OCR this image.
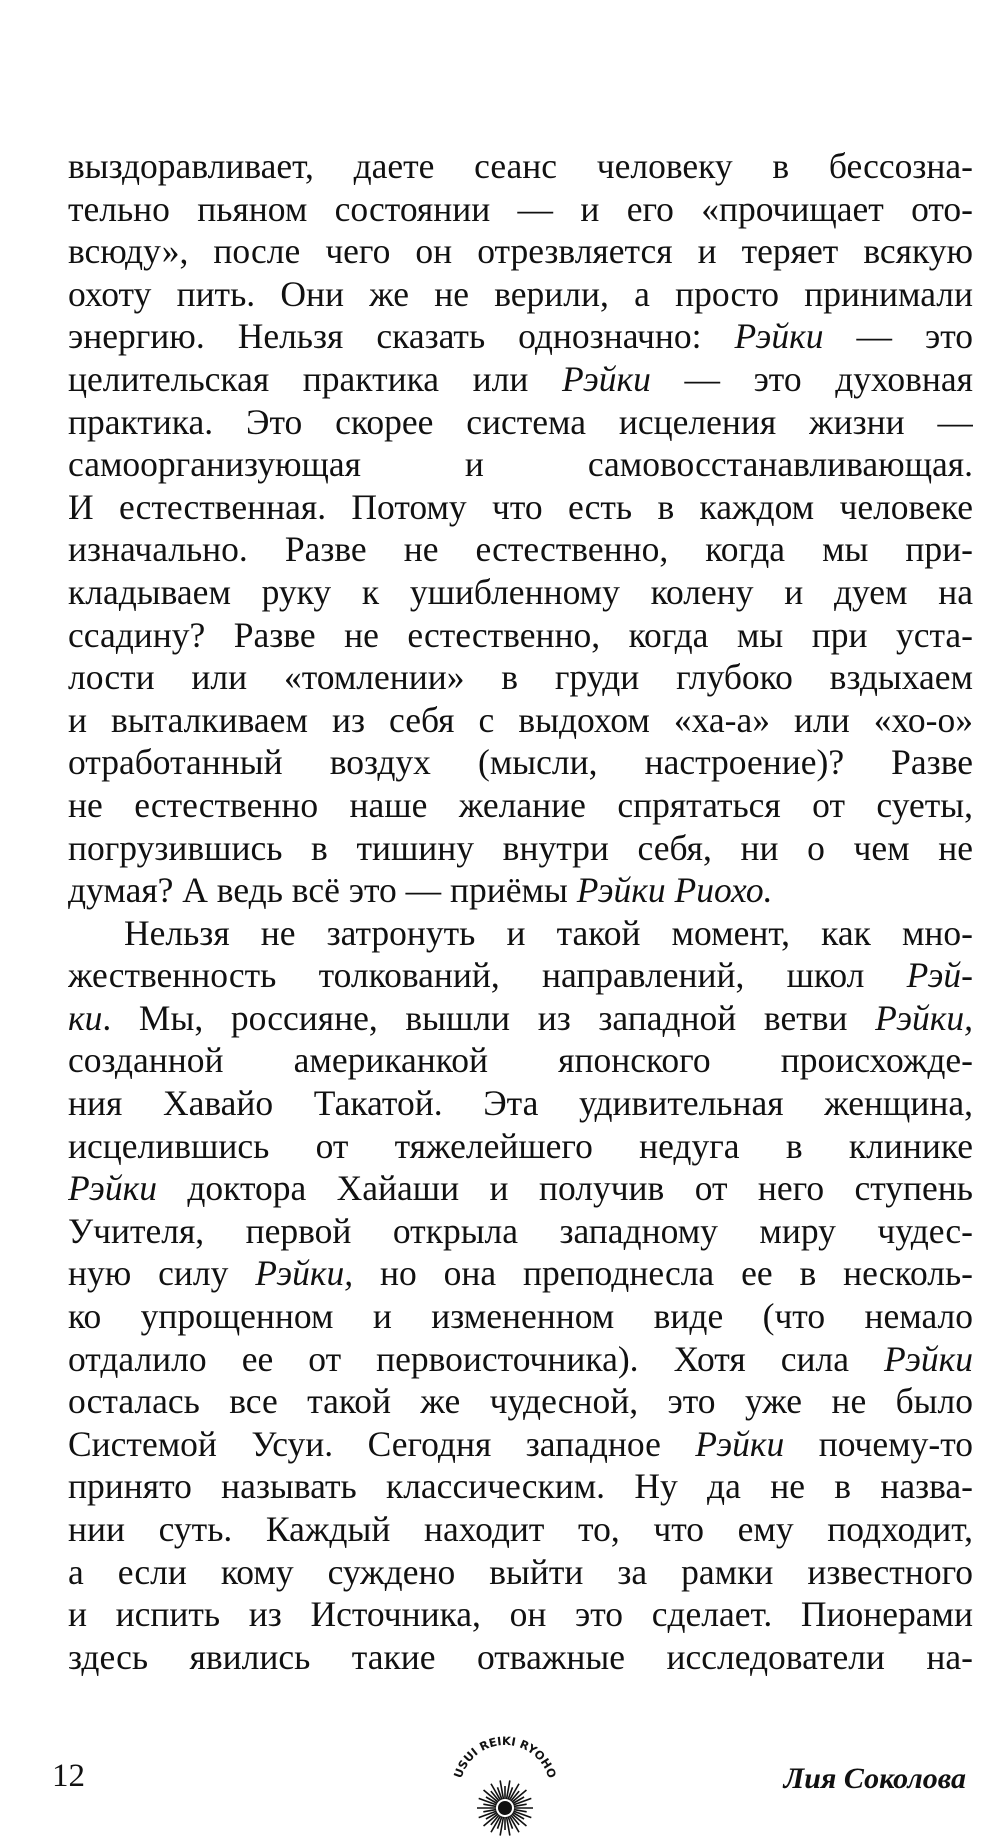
выздоравливает, даете сеанс человеку в бессозна-
тельно пьяном состоянии — и его «прочищает ото-
всюду», после чего он отрезвляется и теряет всякую
охоту пить. Они же не верили, а просто принимали
энергию. Нельзя сказать однозначно: Рэйки — это
целительская практика или Рэйки — это духовная
практика. Это скорее система исцеления жизни —
самоорганизующая и самовосстанавливающая.
И естественная. Потому что есть в каждом человеке
изначально. Разве не естественно, когда мы при-
кладываем руку к ушибленному колену и дуем на
ссадину? Разве не естественно, когда мы при уста-
лости или «томлении» в груди глубоко вздыхаем
и выталкиваем из себя с выдохом «ха-а» или «хо-о»
отработанный воздух (мысли, настроение)? Разве
не естественно наше желание спрятаться от суеты,
погрузившись в тишину внутри себя, ни о чем не
думая? А ведь всё это — приёмы Рэйки Риохо.
Нельзя не затронуть и такой момент, как мно-
жественность толкований, направлений, школ Рэй-
ки. Мы, россияне, вышли из западной ветви Рэйки,
созданной американкой японского происхожде-
ния Хавайо Такатой. Эта удивительная женщина,
исцелившись от тяжелейшего недуга в клинике
Рэйки доктора Хайаши и получив от него ступень
Учителя, первой открыла западному миру чудес-
ную силу Рэйки, но она преподнесла ее в несколь-
ко упрощенном и измененном виде (что немало
отдалило ее от первоисточника). Хотя сила Рэйки
осталась все такой же чудесной, это уже не было
Системой Усуи. Сегодня западное Рэйки почему-то
принято называть классическим. Ну да не в назва-
нии суть. Каждый находит то, что ему подходит,
а если кому суждено выйти за рамки известного
и испить из Источника, он это сделает. Пионерами
здесь явились такие отважные исследователи на-
12	USUI REIKI RYOHO	Лия Соколова
